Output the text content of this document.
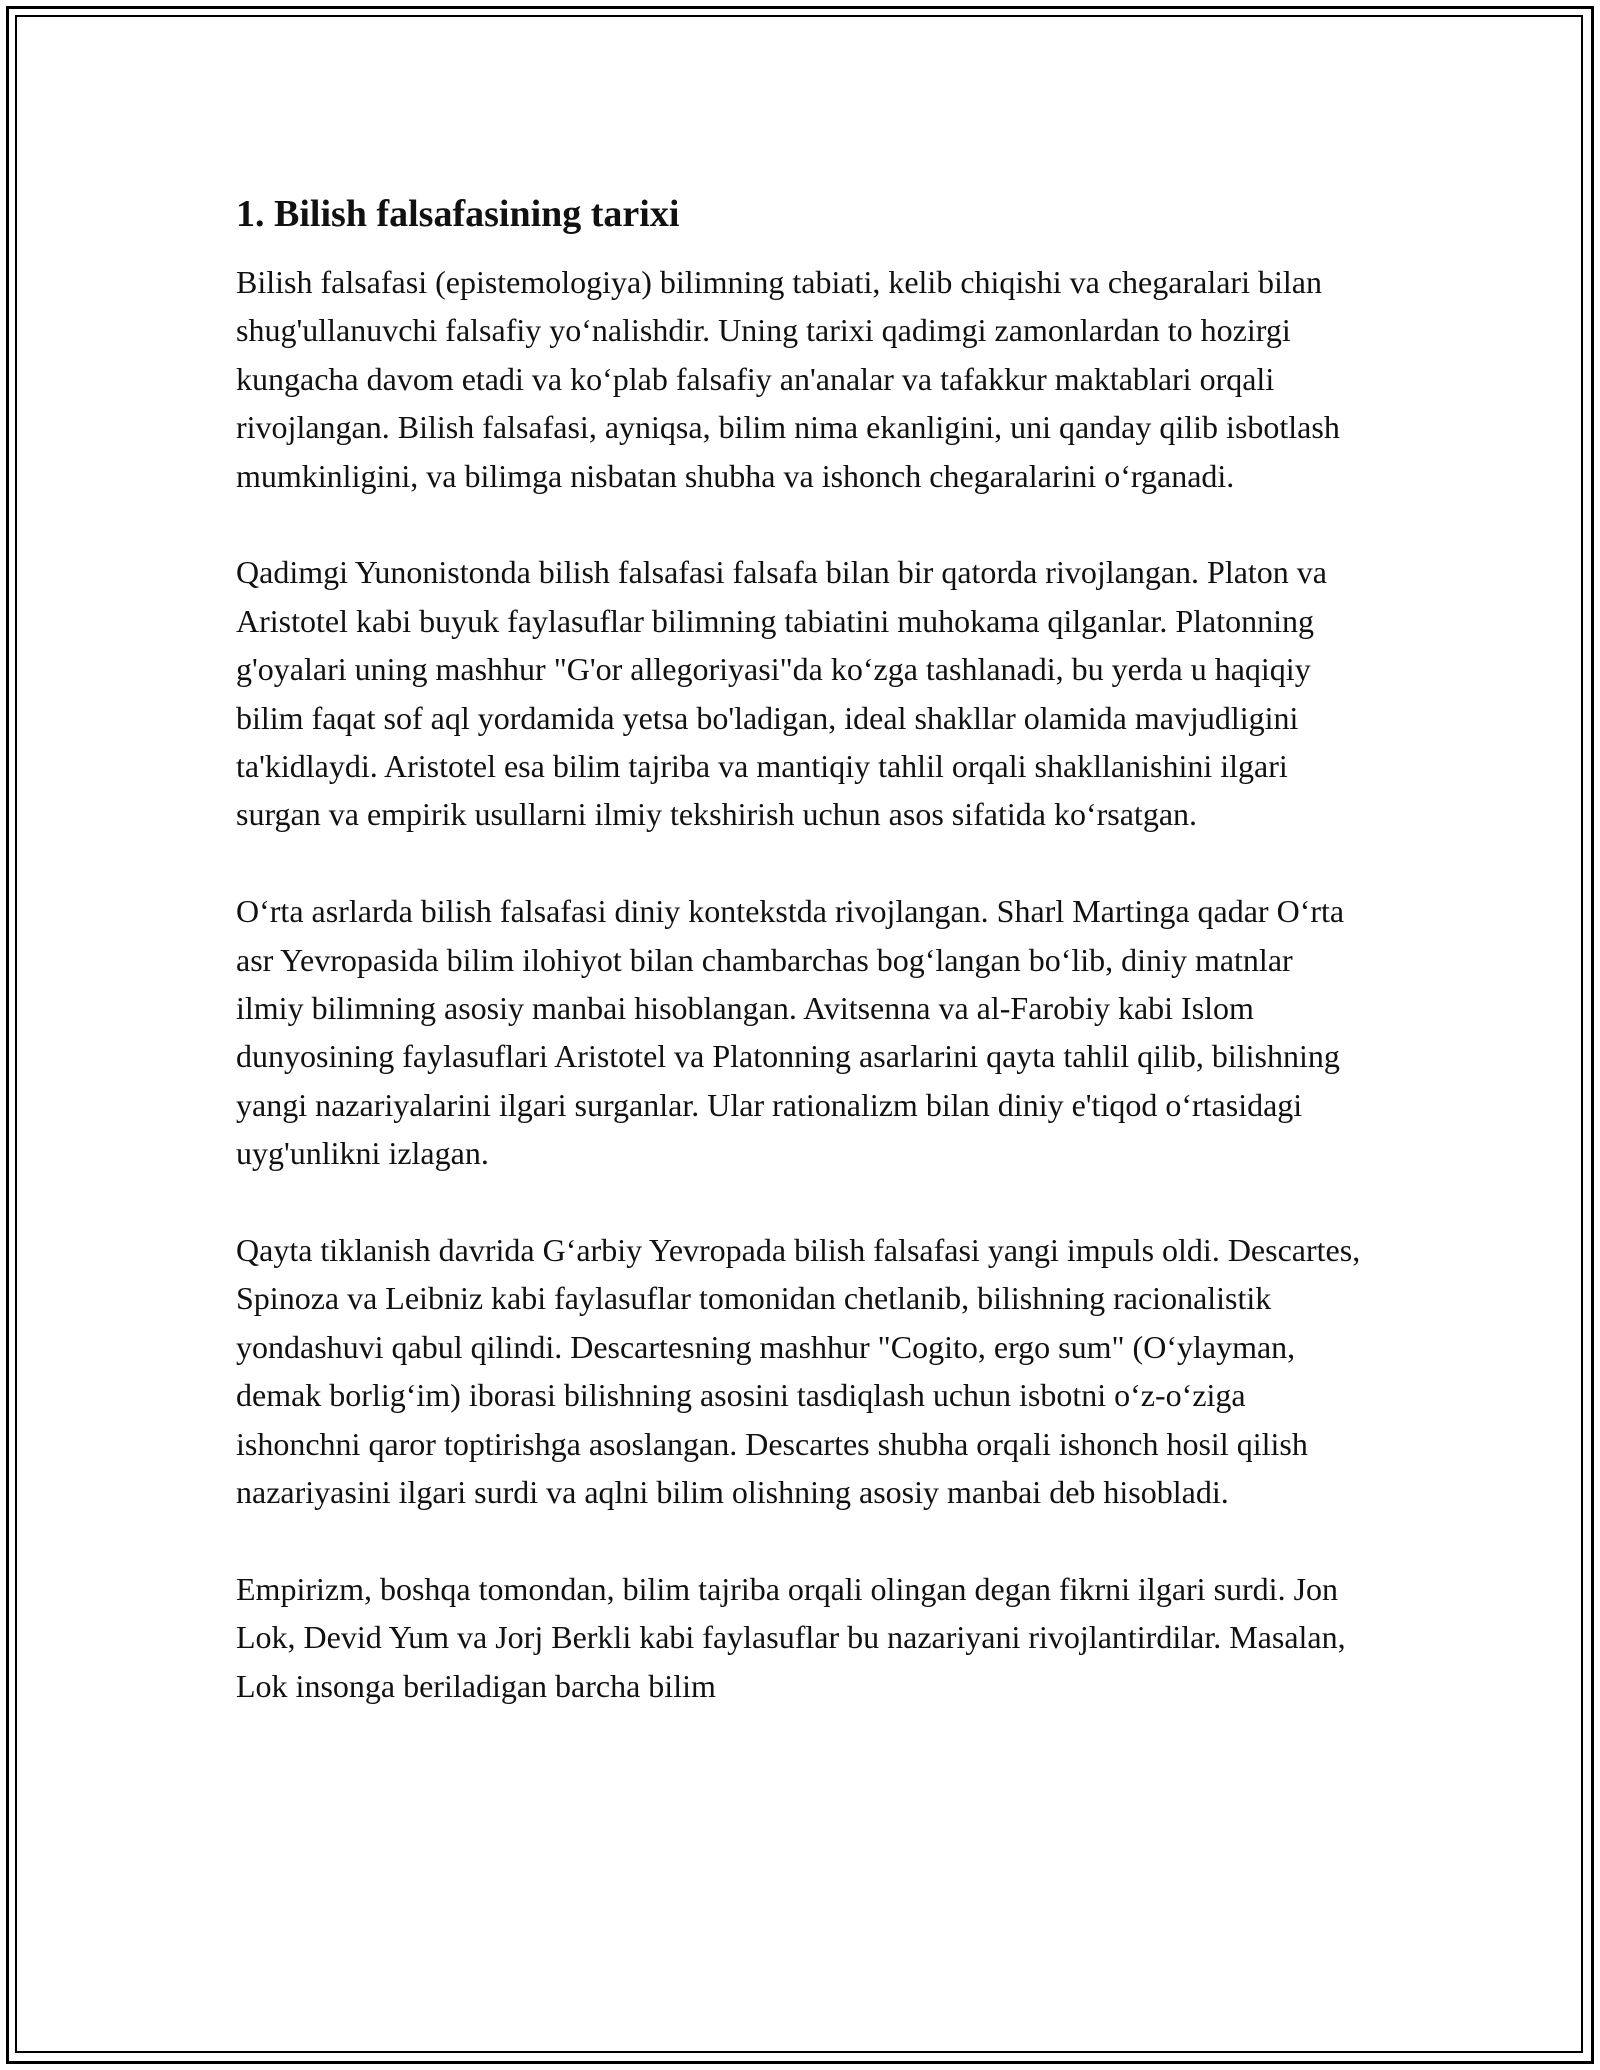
1. Bilish falsafasining tarixi

Bilish falsafasi (epistemologiya) bilimning tabiati, kelib chiqishi va chegaralari bilan shug'ullanuvchi falsafiy yo‘nalishdir. Uning tarixi qadimgi zamonlardan to hozirgi kungacha davom etadi va ko‘plab falsafiy an'analar va tafakkur maktablari orqali rivojlangan. Bilish falsafasi, ayniqsa, bilim nima ekanligini, uni qanday qilib isbotlash mumkinligini, va bilimga nisbatan shubha va ishonch chegaralarini o‘rganadi.

Qadimgi Yunonistonda bilish falsafasi falsafa bilan bir qatorda rivojlangan. Platon va Aristotel kabi buyuk faylasuflar bilimning tabiatini muhokama qilganlar. Platonning g'oyalari uning mashhur "G'or allegoriyasi"da ko‘zga tashlanadi, bu yerda u haqiqiy bilim faqat sof aql yordamida yetsa bo'ladigan, ideal shakllar olamida mavjudligini ta'kidlaydi. Aristotel esa bilim tajriba va mantiqiy tahlil orqali shakllanishini ilgari surgan va empirik usullarni ilmiy tekshirish uchun asos sifatida ko‘rsatgan.

O‘rta asrlarda bilish falsafasi diniy kontekstda rivojlangan. Sharl Martinga qadar O‘rta asr Yevropasida bilim ilohiyot bilan chambarchas bog‘langan bo‘lib, diniy matnlar ilmiy bilimning asosiy manbai hisoblangan. Avitsenna va al-Farobiy kabi Islom dunyosining faylasuflari Aristotel va Platonning asarlarini qayta tahlil qilib, bilishning yangi nazariyalarini ilgari surganlar. Ular rationalizm bilan diniy e'tiqod o‘rtasidagi uyg'unlikni izlagan.

Qayta tiklanish davrida G‘arbiy Yevropada bilish falsafasi yangi impuls oldi. Descartes, Spinoza va Leibniz kabi faylasuflar tomonidan chetlanib, bilishning racionalistik yondashuvi qabul qilindi. Descartesning mashhur "Cogito, ergo sum" (O‘ylayman, demak borlig‘im) iborasi bilishning asosini tasdiqlash uchun isbotni o‘z-o‘ziga ishonchni qaror toptirishga asoslangan. Descartes shubha orqali ishonch hosil qilish nazariyasini ilgari surdi va aqlni bilim olishning asosiy manbai deb hisobladi.

Empirizm, boshqa tomondan, bilim tajriba orqali olingan degan fikrni ilgari surdi. Jon Lok, Devid Yum va Jorj Berkli kabi faylasuflar bu nazariyani rivojlantirdilar. Masalan, Lok insonga beriladigan barcha bilim
